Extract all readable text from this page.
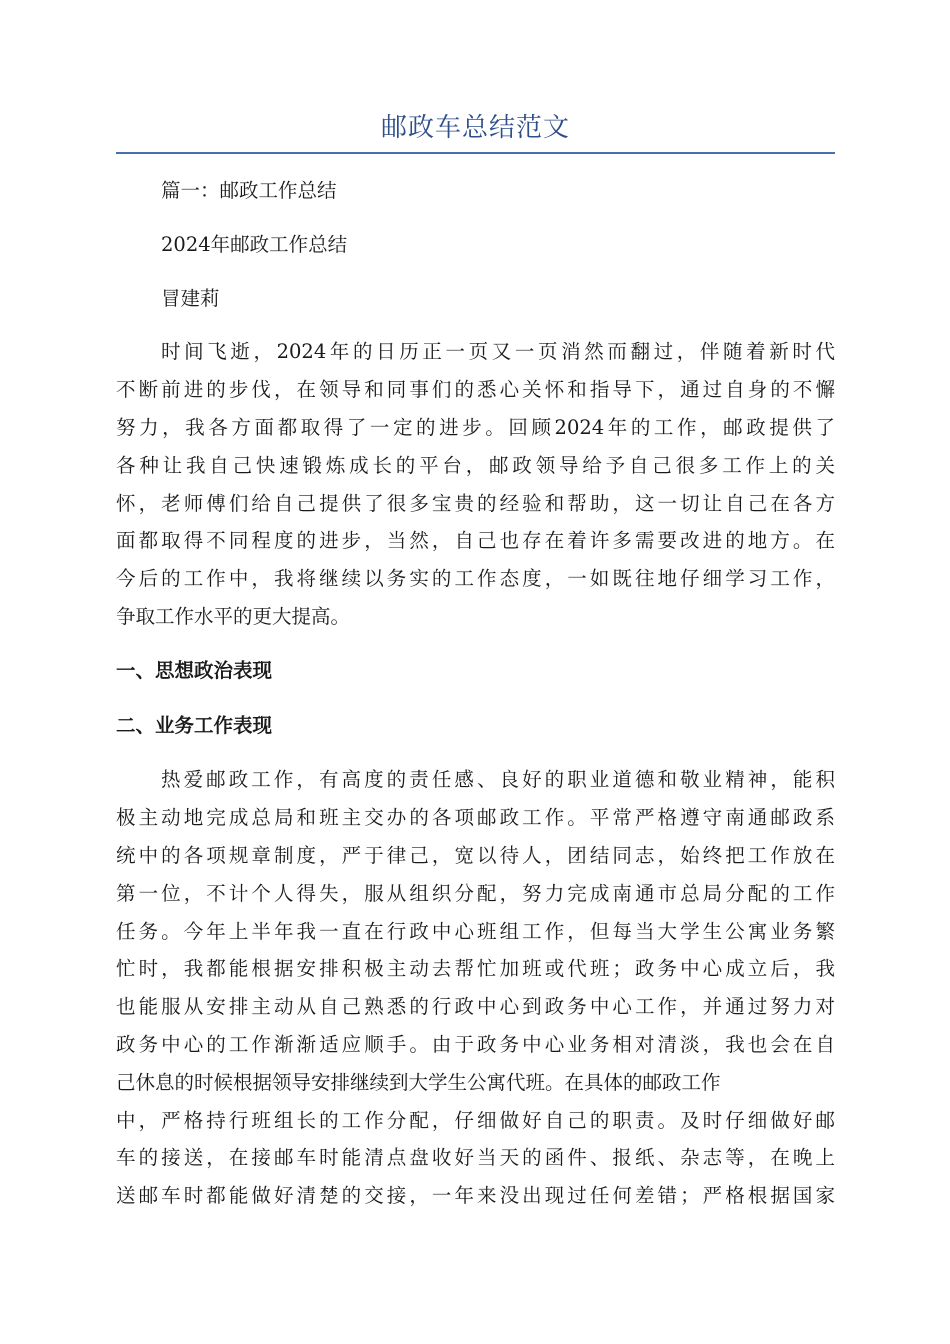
邮政车总结范文

篇一：邮政工作总结

2024年邮政工作总结

冒建莉

时间飞逝，2024年的日历正一页又一页消然而翻过，伴随着新时代
不断前进的步伐，在领导和同事们的悉心关怀和指导下，通过自身的不懈
努力，我各方面都取得了一定的进步。回顾2024年的工作，邮政提供了
各种让我自己快速锻炼成长的平台，邮政领导给予自己很多工作上的关
怀，老师傅们给自己提供了很多宝贵的经验和帮助，这一切让自己在各方
面都取得不同程度的进步，当然，自己也存在着许多需要改进的地方。在
今后的工作中，我将继续以务实的工作态度，一如既往地仔细学习工作，
争取工作水平的更大提高。

一、思想政治表现

二、业务工作表现

热爱邮政工作，有高度的责任感、良好的职业道德和敬业精神，能积
极主动地完成总局和班主交办的各项邮政工作。平常严格遵守南通邮政系
统中的各项规章制度，严于律己，宽以待人，团结同志，始终把工作放在
第一位，不计个人得失，服从组织分配，努力完成南通市总局分配的工作
任务。今年上半年我一直在行政中心班组工作，但每当大学生公寓业务繁
忙时，我都能根据安排积极主动去帮忙加班或代班；政务中心成立后，我
也能服从安排主动从自己熟悉的行政中心到政务中心工作，并通过努力对
政务中心的工作渐渐适应顺手。由于政务中心业务相对清淡，我也会在自
己休息的时候根据领导安排继续到大学生公寓代班。在具体的邮政工作
中，严格持行班组长的工作分配，仔细做好自己的职责。及时仔细做好邮
车的接送，在接邮车时能清点盘收好当天的函件、报纸、杂志等，在晚上
送邮车时都能做好清楚的交接，一年来没出现过任何差错；严格根据国家
